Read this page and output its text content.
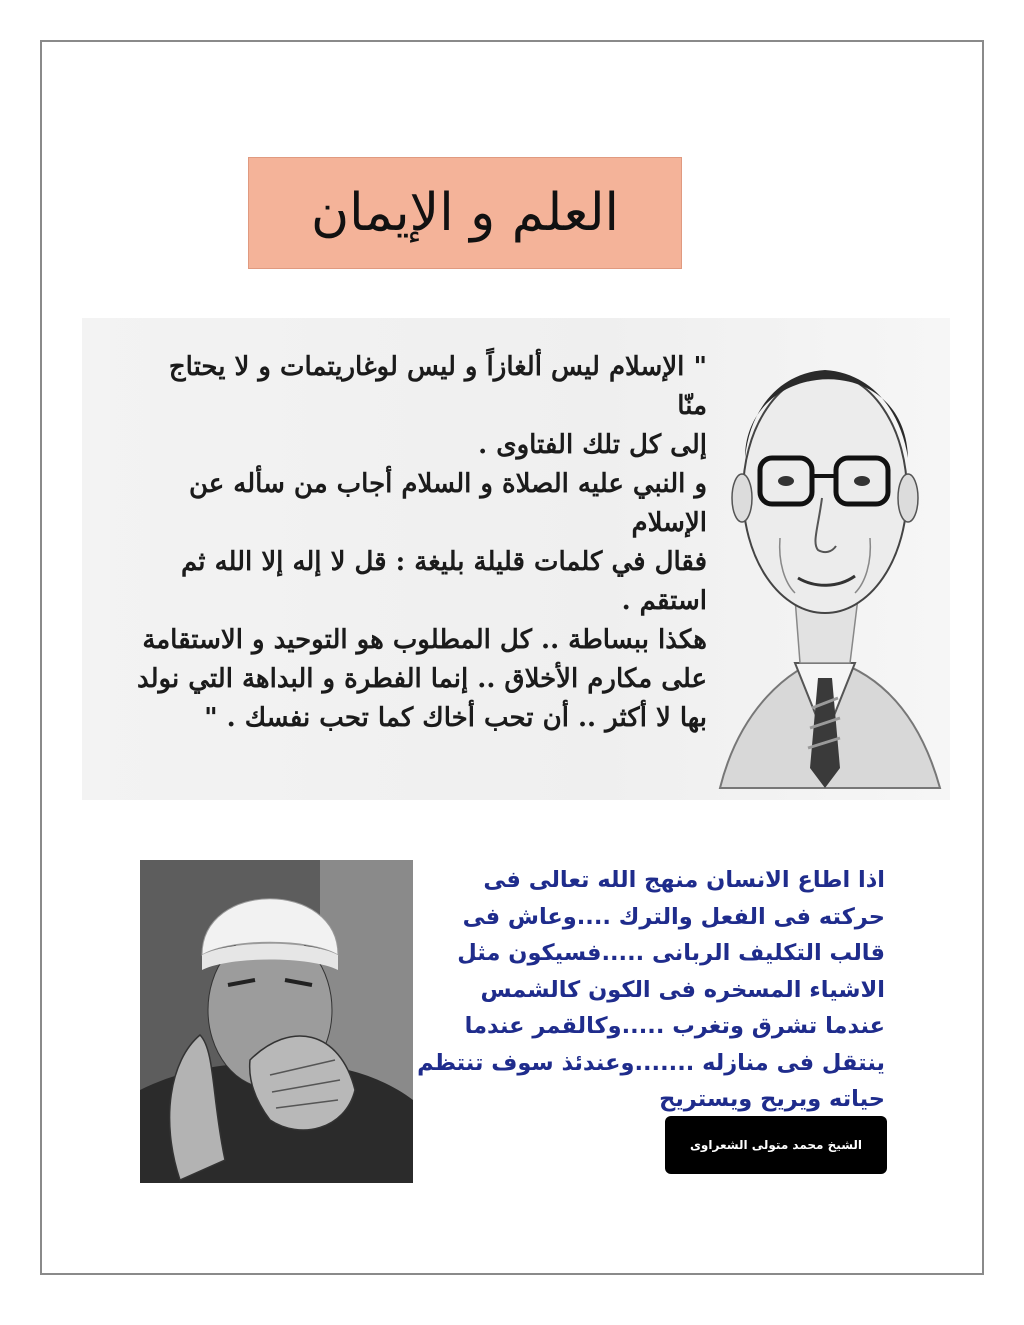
العلم و الإيمان

" الإسلام ليس ألغازاً و ليس لوغاريتمات و لا يحتاج منّا

إلى كل تلك الفتاوى .

و النبي عليه الصلاة و السلام أجاب من سأله عن الإسلام

فقال في كلمات قليلة بليغة : قل لا إله إلا الله ثم استقم .

هكذا ببساطة .. كل المطلوب هو التوحيد و الاستقامة

على مكارم الأخلاق .. إنما الفطرة و البداهة التي نولد

بها لا أكثر .. أن تحب أخاك كما تحب نفسك . "

اذا اطاع الانسان منهج الله تعالى فى

حركته فى الفعل والترك ....وعاش فى

قالب التكليف الربانى .....فسيكون مثل

الاشياء المسخره فى الكون كالشمس

عندما تشرق وتغرب .....وكالقمر عندما

ينتقل فى منازله .......وعندئذ سوف تنتظم

حياته ويريح ويستريح

الشيخ محمد متولى الشعراوى
